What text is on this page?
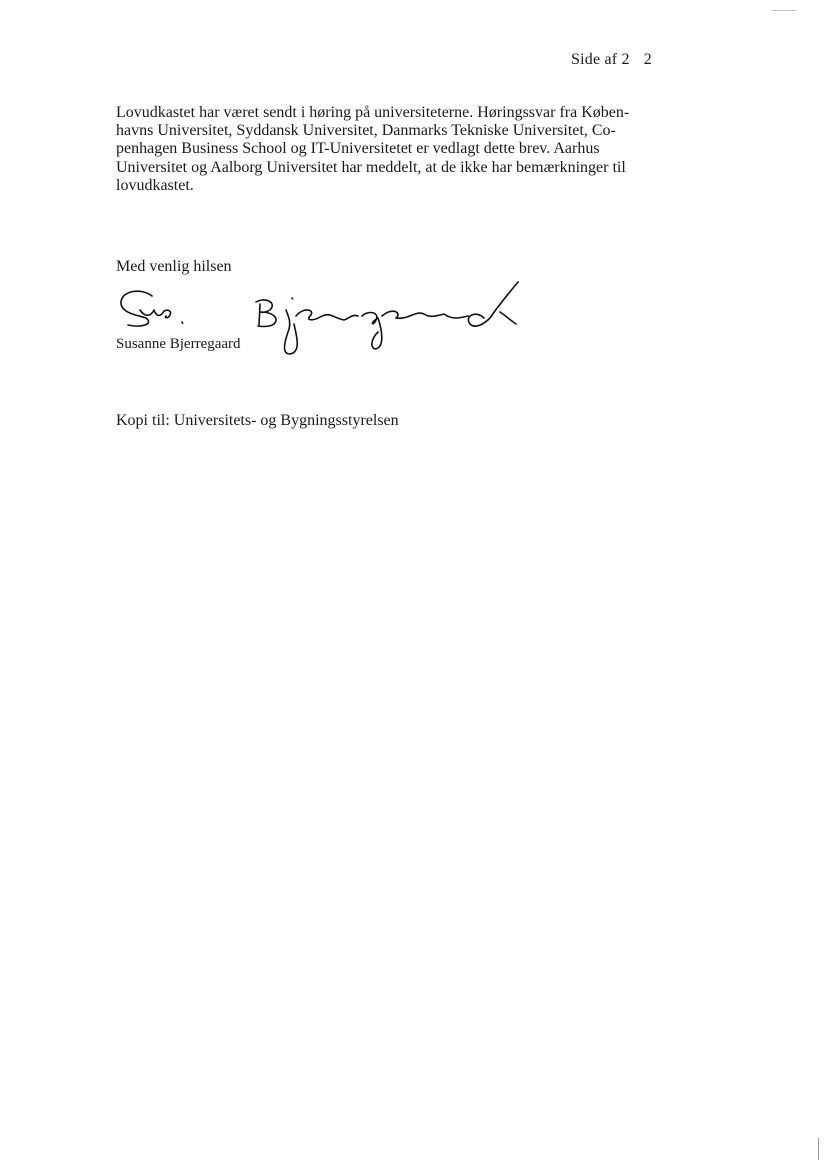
Side af 2 2

Lovudkastet har været sendt i høring på universiteterne. Høringssvar fra Køben-
havns Universitet, Syddansk Universitet, Danmarks Tekniske Universitet, Co-
penhagen Business School og IT-Universitetet er vedlagt dette brev. Aarhus
Universitet og Aalborg Universitet har meddelt, at de ikke har bemærkninger til
lovudkastet.

Med venlig hilsen
Susanne Bjerregaard
Kopi til: Universitets- og Bygningsstyrelsen
